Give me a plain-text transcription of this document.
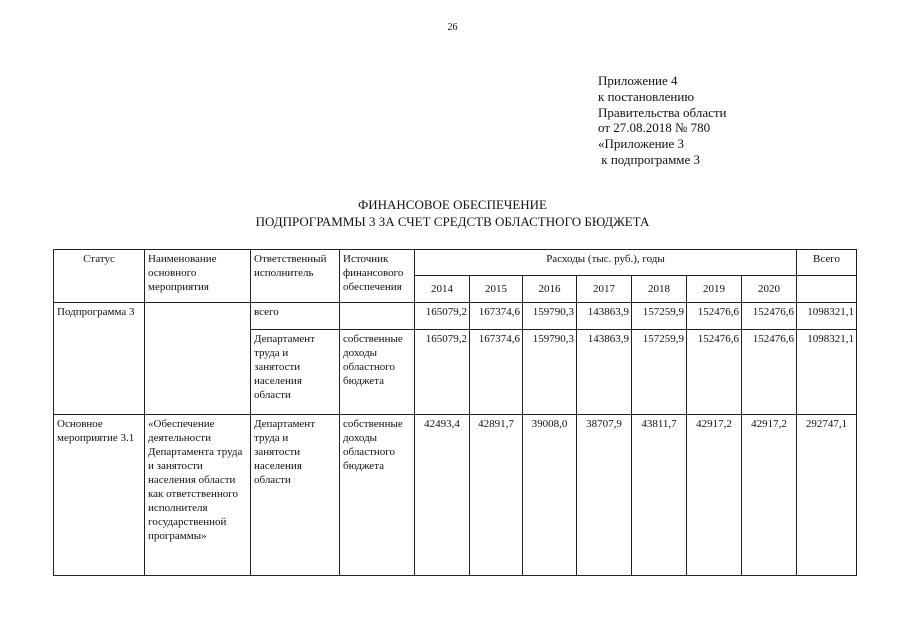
26
Приложение 4
к постановлению
Правительства области
от 27.08.2018 № 780
«Приложение 3
к подпрограмме 3
ФИНАНСОВОЕ ОБЕСПЕЧЕНИЕ
ПОДПРОГРАММЫ 3 ЗА СЧЕТ СРЕДСТВ ОБЛАСТНОГО БЮДЖЕТА
Статус	Наименование основного мероприятия	Ответственный исполнитель	Источник финансового обеспечения	Расходы (тыс. руб.), годы							Всего
				2014	2015	2016	2017	2018	2019	2020	
Подпрограмма 3		всего		165079,2	167374,6	159790,3	143863,9	157259,9	152476,6	152476,6	1098321,1
		Департамент труда и занятости населения области	собственные доходы областного бюджета	165079,2	167374,6	159790,3	143863,9	157259,9	152476,6	152476,6	1098321,1
Основное мероприятие 3.1	«Обеспечение деятельности Департамента труда и занятости населения области как ответственного исполнителя государственной программы»	Департамент труда и занятости населения области	собственные доходы областного бюджета	42493,4	42891,7	39008,0	38707,9	43811,7	42917,2	42917,2	292747,1
